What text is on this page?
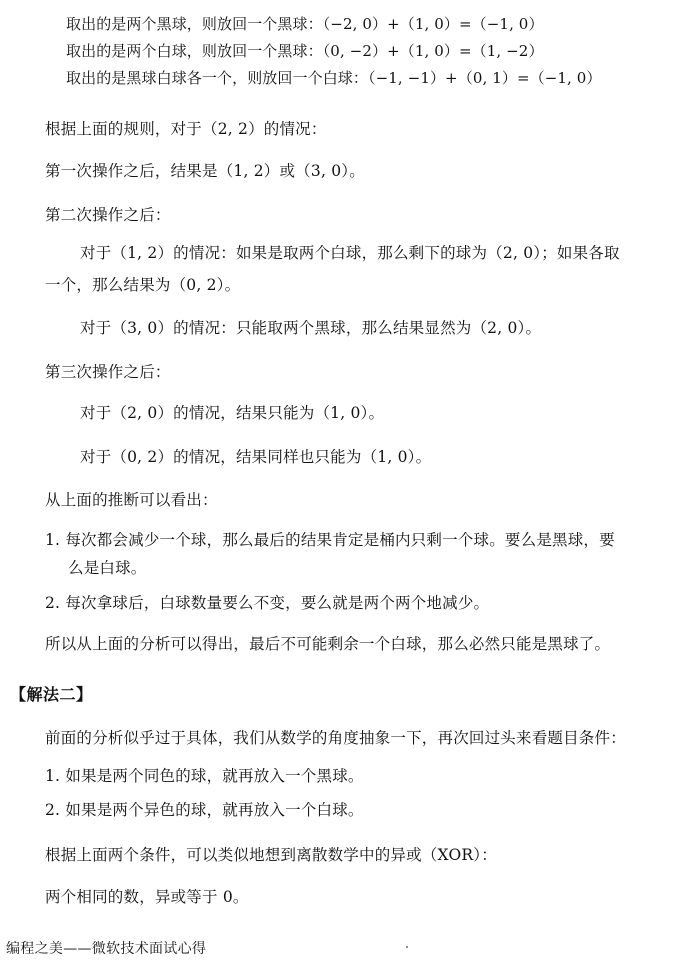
取出的是两个黑球，则放回一个黑球：（−2, 0）+（1, 0）=（−1, 0）
取出的是两个白球，则放回一个黑球：（0, −2）+（1, 0）=（1, −2）
取出的是黑球白球各一个，则放回一个白球：（−1, −1）+（0, 1）=（−1, 0）
根据上面的规则，对于（2, 2）的情况：
第一次操作之后，结果是（1, 2）或（3, 0）。
第二次操作之后：
对于（1, 2）的情况：如果是取两个白球，那么剩下的球为（2, 0）；如果各取
一个，那么结果为（0, 2）。
对于（3, 0）的情况：只能取两个黑球，那么结果显然为（2, 0）。
第三次操作之后：
对于（2, 0）的情况，结果只能为（1, 0）。
对于（0, 2）的情况，结果同样也只能为（1, 0）。
从上面的推断可以看出：
1. 每次都会减少一个球，那么最后的结果肯定是桶内只剩一个球。要么是黑球，要
么是白球。
2. 每次拿球后，白球数量要么不变，要么就是两个两个地减少。
所以从上面的分析可以得出，最后不可能剩余一个白球，那么必然只能是黑球了。
【解法二】
前面的分析似乎过于具体，我们从数学的角度抽象一下，再次回过头来看题目条件：
1. 如果是两个同色的球，就再放入一个黑球。
2. 如果是两个异色的球，就再放入一个白球。
根据上面两个条件，可以类似地想到离散数学中的异或（XOR）：
两个相同的数，异或等于 0。
编程之美——微软技术面试心得
